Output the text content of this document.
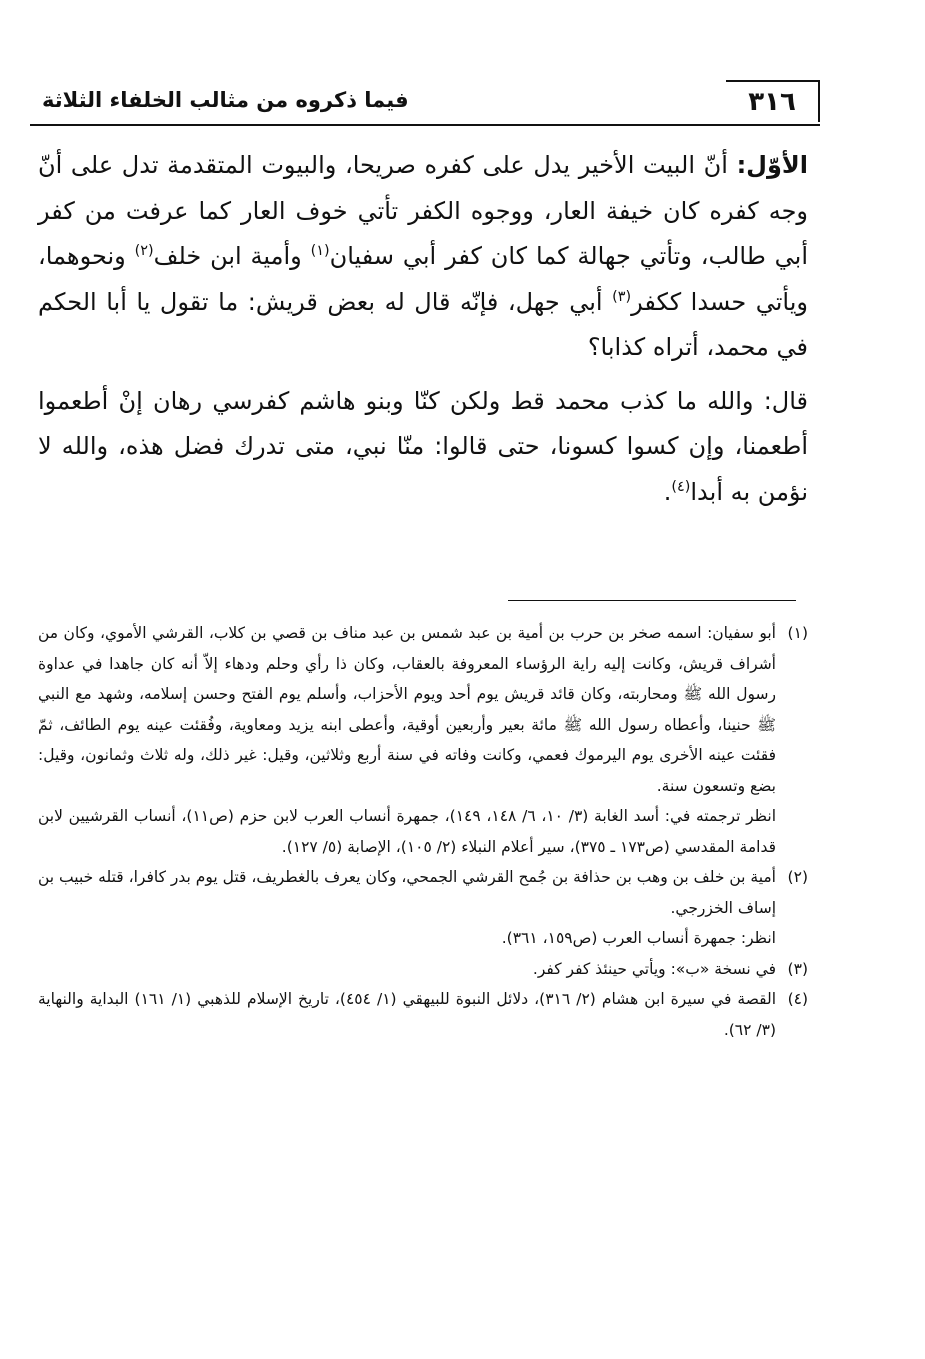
٣١٦
فيما ذكروه من مثالب الخلفاء الثلاثة

الأوّل: أنّ البيت الأخير يدل على كفره صريحا، والبيوت المتقدمة تدل على أنّ وجه كفره كان خيفة العار، ووجوه الكفر تأتي خوف العار كما عرفت من كفر أبي طالب، وتأتي جهالة كما كان كفر أبي سفيان$^{(١)}$ وأمية ابن خلف$^{(٢)}$ ونحوهما، ويأتي حسدا ككفر$^{(٣)}$ أبي جهل، فإنّه قال له بعض قريش: ما تقول يا أبا الحكم في محمد، أتراه كذابا؟

قال: والله ما كذب محمد قط ولكن كنّا وبنو هاشم كفرسي رهان إنْ أطعموا أطعمنا، وإن كسوا كسونا، حتى قالوا: منّا نبي، متى تدرك فضل هذه، والله لا نؤمن به أبدا$^{(٤)}$.

(١)أبو سفيان: اسمه صخر بن حرب بن أمية بن عبد شمس بن عبد مناف بن قصي بن كلاب، القرشي الأموي، وكان من أشراف قريش، وكانت إليه راية الرؤساء المعروفة بالعقاب، وكان ذا رأي وحلم ودهاء إلاّ أنه كان جاهدا في عداوة رسول الله ﷺ ومحاربته، وكان قائد قريش يوم أحد ويوم الأحزاب، وأسلم يوم الفتح وحسن إسلامه، وشهد مع النبي ﷺ حنينا، وأعطاه رسول الله ﷺ مائة بعير وأربعين أوقية، وأعطى ابنه يزيد ومعاوية، وفُقئت عينه يوم الطائف، ثمّ فقئت عينه الأخرى يوم اليرموك فعمي، وكانت وفاته في سنة أربع وثلاثين، وقيل: غير ذلك، وله ثلاث وثمانون، وقيل: بضع وتسعون سنة.

انظر ترجمته في: أسد الغابة (٣/ ١٠، ٦/ ١٤٨، ١٤٩)، جمهرة أنساب العرب لابن حزم (ص١١)، أنساب القرشيين لابن قدامة المقدسي (ص١٧٣ ـ ٣٧٥)، سير أعلام النبلاء (٢/ ١٠٥)، الإصابة (٥/ ١٢٧).

(٢)أمية بن خلف بن وهب بن حذافة بن جُمح القرشي الجمحي، وكان يعرف بالغطريف، قتل يوم بدر كافرا، قتله خبيب بن إساف الخزرجي.

انظر: جمهرة أنساب العرب (ص١٥٩، ٣٦١).

(٣)في نسخة «ب»: ويأتي حينئذ كفر كفر.

(٤)القصة في سيرة ابن هشام (٢/ ٣١٦)، دلائل النبوة للبيهقي (١/ ٤٥٤)، تاريخ الإسلام للذهبي (١/ ١٦١) البداية والنهاية (٣/ ٦٢).
